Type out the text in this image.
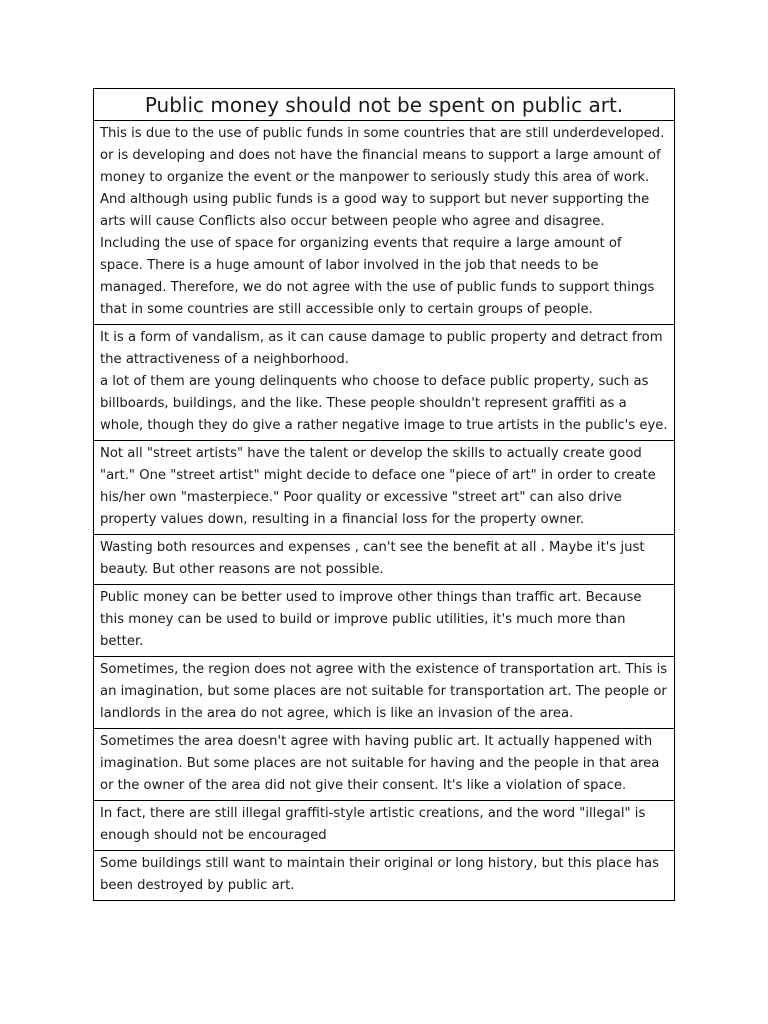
Public money should not be spent on public art.

This is due to the use of public funds in some countries that are still underdeveloped. or is developing and does not have the financial means to support a large amount of money to organize the event or the manpower to seriously study this area of work. And although using public funds is a good way to support but never supporting the arts will cause Conflicts also occur between people who agree and disagree. Including the use of space for organizing events that require a large amount of space. There is a huge amount of labor involved in the job that needs to be managed. Therefore, we do not agree with the use of public funds to support things that in some countries are still accessible only to certain groups of people.

It is a form of vandalism, as it can cause damage to public property and detract from the attractiveness of a neighborhood.
a lot of them are young delinquents who choose to deface public property, such as billboards, buildings, and the like. These people shouldn't represent graffiti as a whole, though they do give a rather negative image to true artists in the public's eye.

Not all "street artists" have the talent or develop the skills to actually create good "art." One "street artist" might decide to deface one "piece of art" in order to create his/her own "masterpiece." Poor quality or excessive "street art" can also drive property values down, resulting in a financial loss for the property owner.

Wasting both resources and expenses , can't see the benefit at all . Maybe it's just beauty. But other reasons are not possible.

Public money can be better used to improve other things than traffic art. Because this money can be used to build or improve public utilities, it's much more than better.

Sometimes, the region does not agree with the existence of transportation art. This is an imagination, but some places are not suitable for transportation art. The people or landlords in the area do not agree, which is like an invasion of the area.

Sometimes the area doesn't agree with having public art. It actually happened with imagination. But some places are not suitable for having and the people in that area or the owner of the area did not give their consent. It's like a violation of space.

In fact, there are still illegal graffiti-style artistic creations, and the word "illegal" is enough should not be encouraged

Some buildings still want to maintain their original or long history, but this place has been destroyed by public art.
